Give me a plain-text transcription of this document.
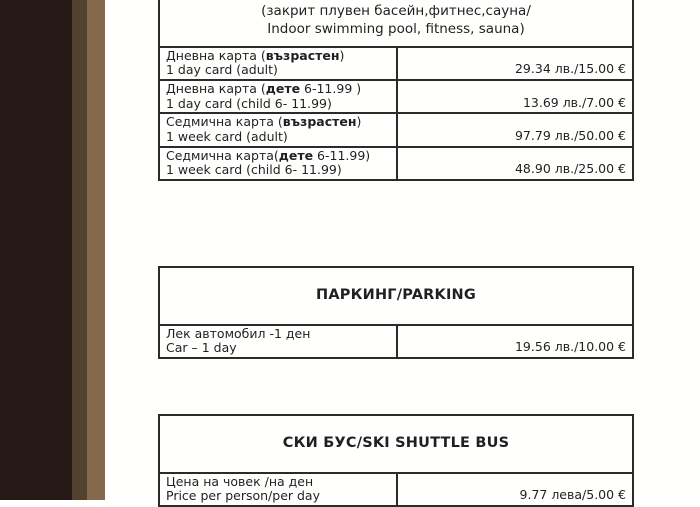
(закрит плувен басейн,фитнес,сауна/
Indoor swimming pool, fitness, sauna)
Дневна карта (възрастен)
1 day card (adult)	29.34 лв./15.00 €
Дневна карта (дете 6-11.99 )
1 day card (child 6- 11.99)	13.69 лв./7.00 €
Седмична карта (възрастен)
1 week card (adult)	97.79 лв./50.00 €
Седмична карта(дете 6-11.99)
1 week card (child 6- 11.99)	48.90 лв./25.00 €
ПАРКИНГ/PARKING
Лек автомобил -1 ден
Car – 1 day	19.56 лв./10.00 €
СКИ БУС/SKI SHUTTLE BUS
Цена на човек /на ден
Price per person/per day	9.77 лева/5.00 €
